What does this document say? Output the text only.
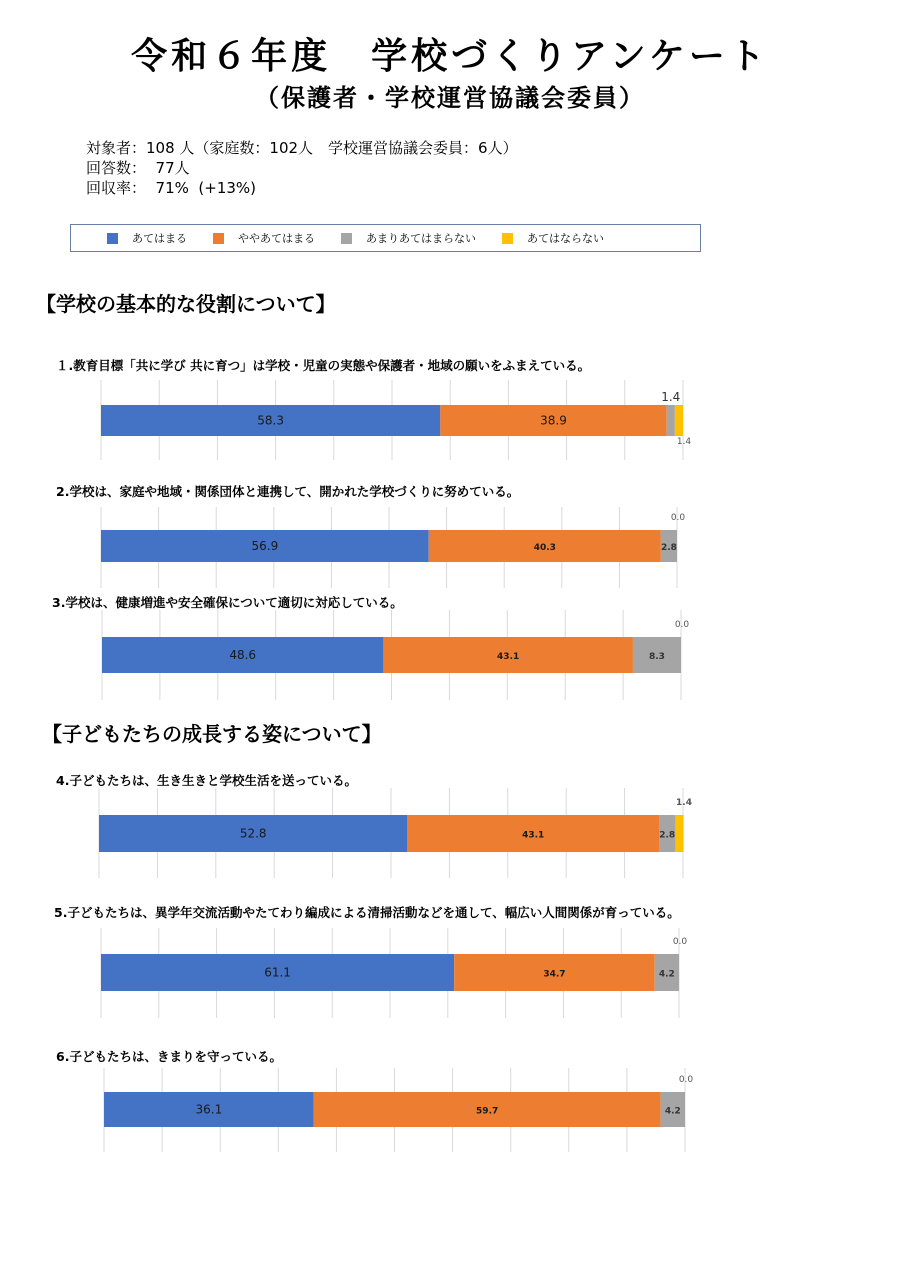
令和６年度　学校づくりアンケート
（保護者・学校運営協議会委員）
対象者：108 人（家庭数：102人　学校運営協議会委員：6人）
回答数：  77人
回収率：  71%  (+13%)
あてはまる	ややあてはまる	あまりあてはまらない	あてはならない
【学校の基本的な役割について】
１.教育目標「共に学び 共に育つ」は学校・児童の実態や保護者・地域の願いをふまえている。
58.3	38.9
1.4
1.4
56.9	40.3	2.8
0.0
48.6	43.1	8.3
0.0
52.8	43.1	2.8
1.4
61.1	34.7	4.2
0.0
36.1	59.7	4.2
0.0
2.学校は、家庭や地域・関係団体と連携して、開かれた学校づくりに努めている。
3.学校は、健康増進や安全確保について適切に対応している。
【子どもたちの成長する姿について】
4.子どもたちは、生き生きと学校生活を送っている。
5.子どもたちは、異学年交流活動やたてわり編成による清掃活動などを通して、幅広い人間関係が育っている。
6.子どもたちは、きまりを守っている。
